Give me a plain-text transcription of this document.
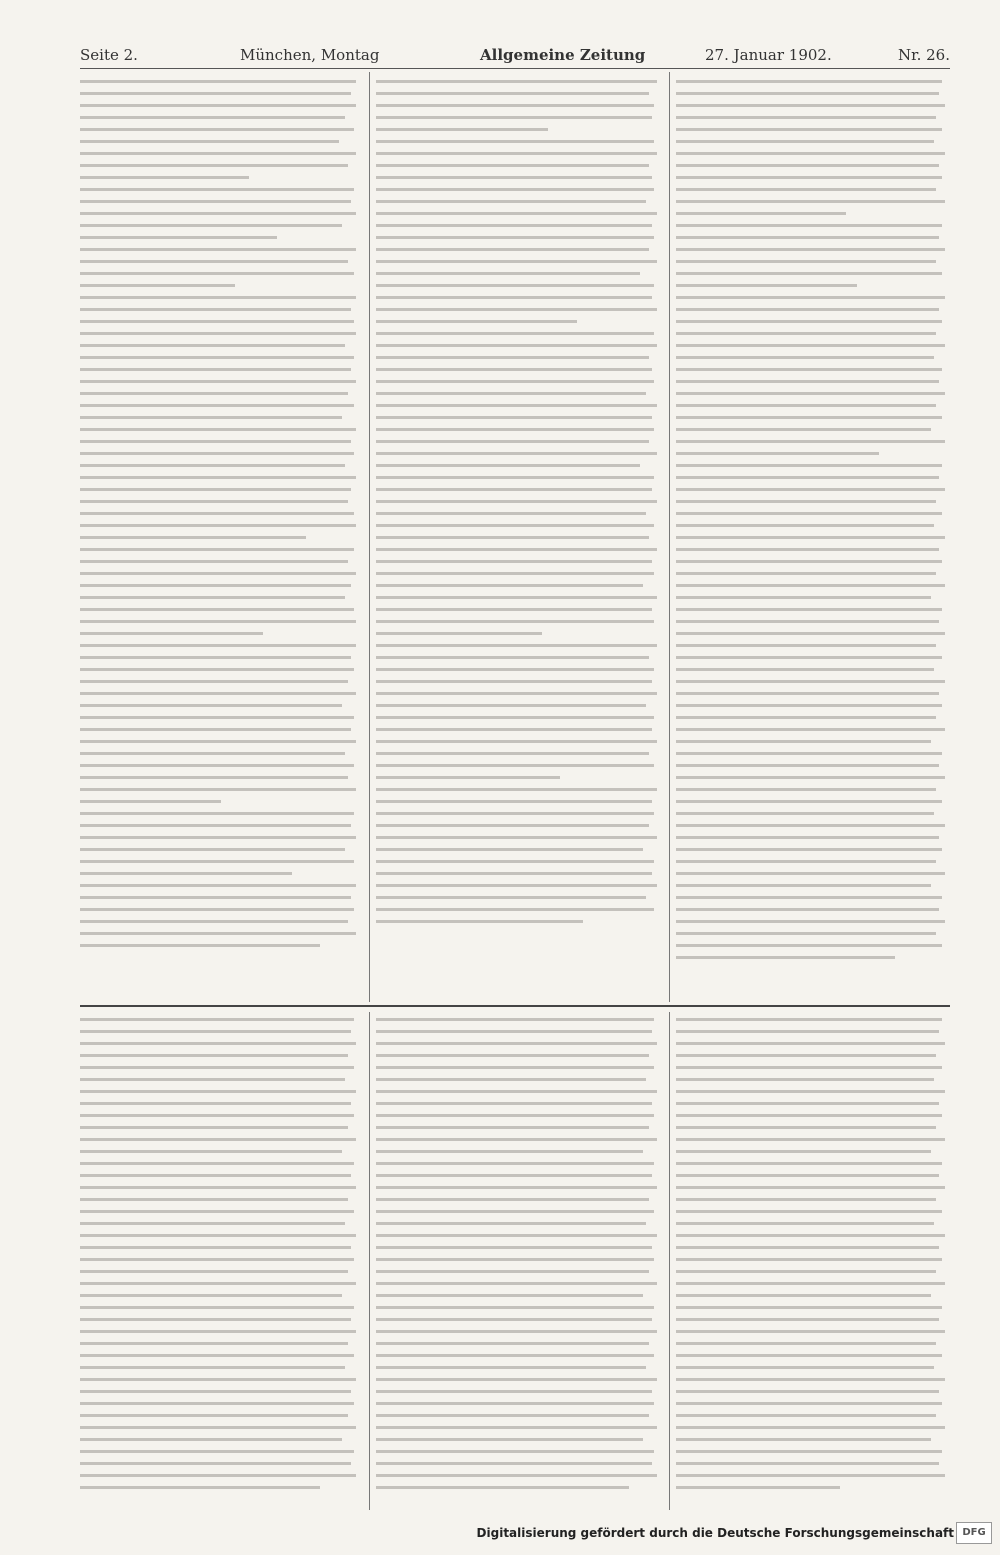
Seite 2.	München, Montag	Allgemeine Zeitung	27. Januar 1902.	Nr. 26.
Digitalisierung gefördert durch die Deutsche Forschungsgemeinschaft DFG
